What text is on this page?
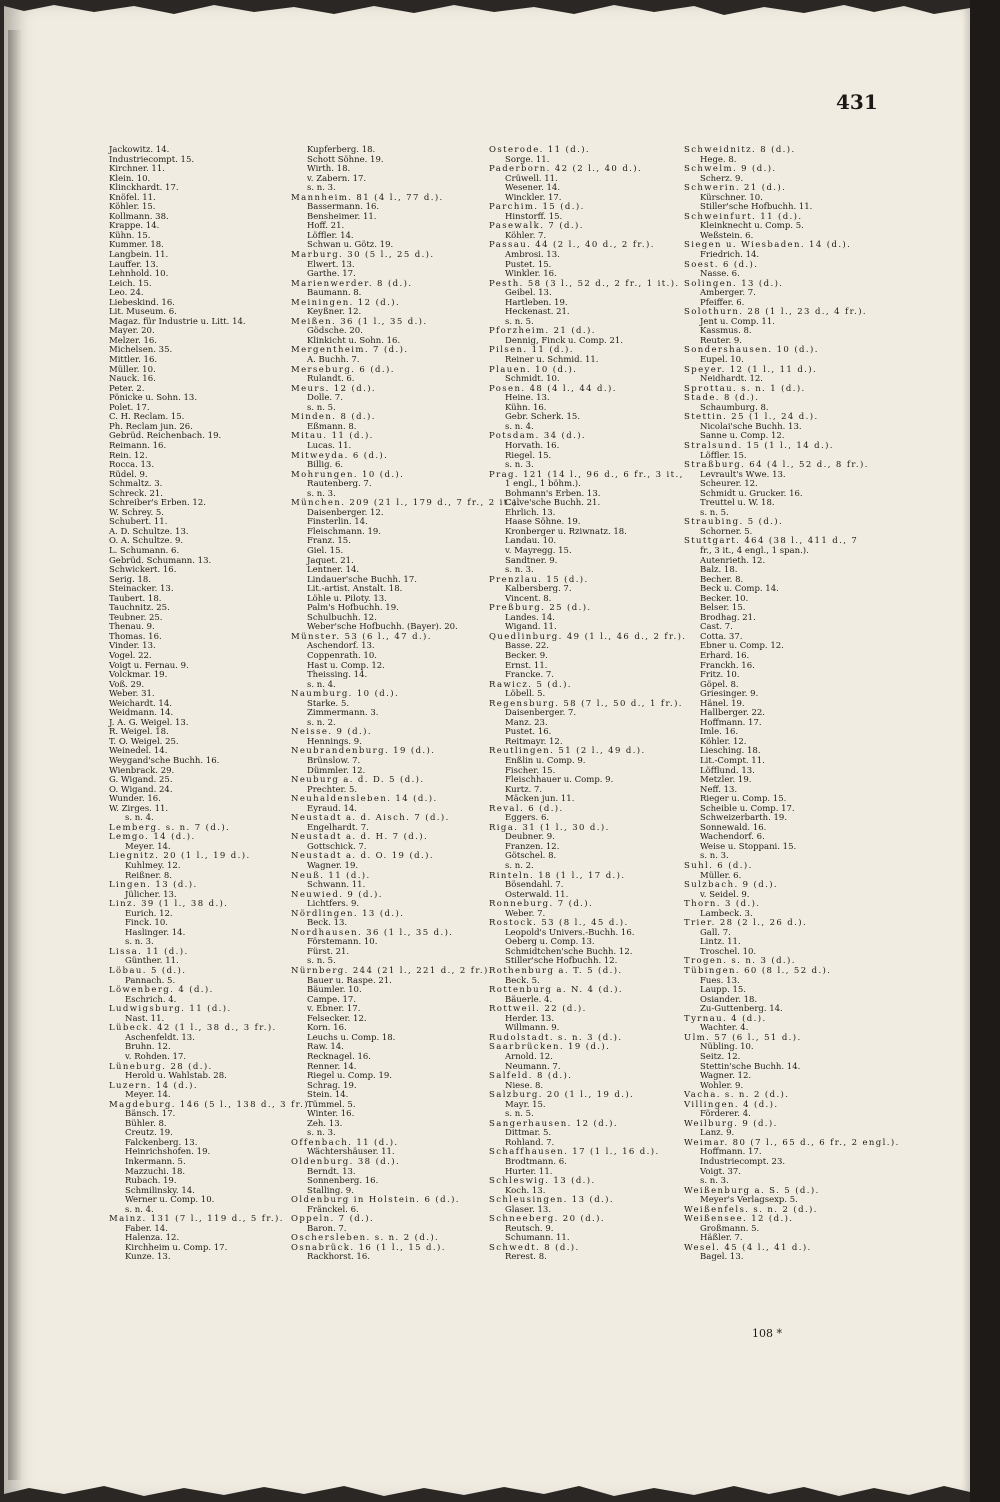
431
Jackowitz. 14.
Industriecompt. 15.
Kirchner. 11.
Klein. 10.
Klinckhardt. 17.
Knöfel. 11.
Köhler. 15.
Kollmann. 38.
Krappe. 14.
Kühn. 15.
Kummer. 18.
Langbein. 11.
Lauffer. 13.
Lehnhold. 10.
Leich. 15.
Leo. 24.
Liebeskind. 16.
Lit. Museum. 6.
Magaz. für Industrie u. Litt. 14.
Mayer. 20.
Melzer. 16.
Michelsen. 35.
Mittler. 16.
Müller. 10.
Nauck. 16.
Peter. 2.
Pönicke u. Sohn. 13.
Polet. 17.
C. H. Reclam. 15.
Ph. Reclam jun. 26.
Gebrüd. Reichenbach. 19.
Reimann. 16.
Rein. 12.
Rocca. 13.
Rüdel. 9.
Schmaltz. 3.
Schreck. 21.
Schreiber's Erben. 12.
W. Schrey. 5.
Schubert. 11.
A. D. Schultze. 13.
O. A. Schultze. 9.
L. Schumann. 6.
Gebrüd. Schumann. 13.
Schwickert. 16.
Serig. 18.
Steinacker. 13.
Taubert. 18.
Tauchnitz. 25.
Teubner. 25.
Thenau. 9.
Thomas. 16.
Vinder. 13.
Vogel. 22.
Voigt u. Fernau. 9.
Volckmar. 19.
Voß. 29.
Weber. 31.
Weichardt. 14.
Weidmann. 14.
J. A. G. Weigel. 13.
R. Weigel. 18.
T. O. Weigel. 25.
Weinedel. 14.
Weygand'sche Buchh. 16.
Wienbrack. 29.
G. Wigand. 25.
O. Wigand. 24.
Wunder. 16.
W. Zirges. 11.
s. n. 4.
Lemberg. s. n. 7 (d.).
Lemgo. 14 (d.).
Meyer. 14.
Liegnitz. 20 (1 l., 19 d.).
Kuhlmey. 12.
Reißner. 8.
Lingen. 13 (d.).
Jülicher. 13.
Linz. 39 (1 l., 38 d.).
Eurich. 12.
Finck. 10.
Haslinger. 14.
s. n. 3.
Lissa. 11 (d.).
Günther. 11.
Löbau. 5 (d.).
Pannach. 5.
Löwenberg. 4 (d.).
Eschrich. 4.
Ludwigsburg. 11 (d.).
Nast. 11.
Lübeck. 42 (1 l., 38 d., 3 fr.).
Aschenfeldt. 13.
Bruhn. 12.
v. Rohden. 17.
Lüneburg. 28 (d.).
Herold u. Wahlstab. 28.
Luzern. 14 (d.).
Meyer. 14.
Magdeburg. 146 (5 l., 138 d., 3 fr.).
Bänsch. 17.
Bühler. 8.
Creutz. 19.
Falckenberg. 13.
Heinrichshofen. 19.
Inkermann. 5.
Mazzuchi. 18.
Rubach. 19.
Schmilinsky. 14.
Werner u. Comp. 10.
s. n. 4.
Mainz. 131 (7 l., 119 d., 5 fr.).
Faber. 14.
Halenza. 12.
Kirchheim u. Comp. 17.
Kunze. 13.
Kupferberg. 18.
Schott Söhne. 19.
Wirth. 18.
v. Zabern. 17.
s. n. 3.
Mannheim. 81 (4 l., 77 d.).
Bassermann. 16.
Bensheimer. 11.
Hoff. 21.
Löffler. 14.
Schwan u. Götz. 19.
Marburg. 30 (5 l., 25 d.).
Elwert. 13.
Garthe. 17.
Marienwerder. 8 (d.).
Baumann. 8.
Meiningen. 12 (d.).
Keyßner. 12.
Meißen. 36 (1 l., 35 d.).
Gödsche. 20.
Klinkicht u. Sohn. 16.
Mergentheim. 7 (d.).
A. Buchh. 7.
Merseburg. 6 (d.).
Rulandt. 6.
Meurs. 12 (d.).
Dolle. 7.
s. n. 5.
Minden. 8 (d.).
Eßmann. 8.
Mitau. 11 (d.).
Lucas. 11.
Mitweyda. 6 (d.).
Billig. 6.
Mohrungen. 10 (d.).
Rautenberg. 7.
s. n. 3.
München. 209 (21 l., 179 d., 7 fr., 2 it.).
Daisenberger. 12.
Finsterlin. 14.
Fleischmann. 19.
Franz. 15.
Giel. 15.
Jaquet. 21.
Lentner. 14.
Lindauer'sche Buchh. 17.
Lit.-artist. Anstalt. 18.
Löhle u. Piloty. 13.
Palm's Hofbuchh. 19.
Schulbuchh. 12.
Weber'sche Hofbuchh. (Bayer). 20.
Münster. 53 (6 l., 47 d.).
Aschendorf. 13.
Coppenrath. 10.
Hast u. Comp. 12.
Theissing. 14.
s. n. 4.
Naumburg. 10 (d.).
Starke. 5.
Zimmermann. 3.
s. n. 2.
Neisse. 9 (d.).
Hennings. 9.
Neubrandenburg. 19 (d.).
Brünslow. 7.
Dümmler. 12.
Neuburg a. d. D. 5 (d.).
Prechter. 5.
Neuhaldensleben. 14 (d.).
Eyraud. 14.
Neustadt a. d. Aisch. 7 (d.).
Engelhardt. 7.
Neustadt a. d. H. 7 (d.).
Gottschick. 7.
Neustadt a. d. O. 19 (d.).
Wagner. 19.
Neuß. 11 (d.).
Schwann. 11.
Neuwied. 9 (d.).
Lichtfers. 9.
Nördlingen. 13 (d.).
Beck. 13.
Nordhausen. 36 (1 l., 35 d.).
Förstemann. 10.
Fürst. 21.
s. n. 5.
Nürnberg. 244 (21 l., 221 d., 2 fr.).
Bauer u. Raspe. 21.
Bäumler. 10.
Campe. 17.
v. Ebner. 17.
Felsecker. 12.
Korn. 16.
Leuchs u. Comp. 18.
Raw. 14.
Recknagel. 16.
Renner. 14.
Riegel u. Comp. 19.
Schrag. 19.
Stein. 14.
Tümmel. 5.
Winter. 16.
Zeh. 13.
s. n. 3.
Offenbach. 11 (d.).
Wächtershäuser. 11.
Oldenburg. 38 (d.).
Berndt. 13.
Sonnenberg. 16.
Stalling. 9.
Oldenburg in Holstein. 6 (d.).
Fränckel. 6.
Oppeln. 7 (d.).
Baron. 7.
Oschersleben. s. n. 2 (d.).
Osnabrück. 16 (1 l., 15 d.).
Rackhorst. 16.
Osterode. 11 (d.).
Sorge. 11.
Paderborn. 42 (2 l., 40 d.).
Crüwell. 11.
Wesener. 14.
Winckler. 17.
Parchim. 15 (d.).
Hinstorff. 15.
Pasewalk. 7 (d.).
Köhler. 7.
Passau. 44 (2 l., 40 d., 2 fr.).
Ambrosi. 13.
Pustet. 15.
Winkler. 16.
Pesth. 58 (3 l., 52 d., 2 fr., 1 it.).
Geibel. 13.
Hartleben. 19.
Heckenast. 21.
s. n. 5.
Pforzheim. 21 (d.).
Dennig, Finck u. Comp. 21.
Pilsen. 11 (d.).
Reiner u. Schmid. 11.
Plauen. 10 (d.).
Schmidt. 10.
Posen. 48 (4 l., 44 d.).
Heine. 13.
Kühn. 16.
Gebr. Scherk. 15.
s. n. 4.
Potsdam. 34 (d.).
Horvath. 16.
Riegel. 15.
s. n. 3.
Prag. 121 (14 l., 96 d., 6 fr., 3 it.,
1 engl., 1 böhm.).
Bohmann's Erben. 13.
Calve'sche Buchh. 21.
Ehrlich. 13.
Haase Söhne. 19.
Kronberger u. Rziwnatz. 18.
Landau. 10.
v. Mayregg. 15.
Sandtner. 9.
s. n. 3.
Prenzlau. 15 (d.).
Kalbersberg. 7.
Vincent. 8.
Preßburg. 25 (d.).
Landes. 14.
Wigand. 11.
Quedlinburg. 49 (1 l., 46 d., 2 fr.).
Basse. 22.
Becker. 9.
Ernst. 11.
Francke. 7.
Rawicz. 5 (d.).
Löbell. 5.
Regensburg. 58 (7 l., 50 d., 1 fr.).
Daisenberger. 7.
Manz. 23.
Pustet. 16.
Reitmayr. 12.
Reutlingen. 51 (2 l., 49 d.).
Enßlin u. Comp. 9.
Fischer. 15.
Fleischhauer u. Comp. 9.
Kurtz. 7.
Mäcken jun. 11.
Reval. 6 (d.).
Eggers. 6.
Riga. 31 (1 l., 30 d.).
Deubner. 9.
Franzen. 12.
Götschel. 8.
s. n. 2.
Rinteln. 18 (1 l., 17 d.).
Bösendahl. 7.
Osterwald. 11.
Ronneburg. 7 (d.).
Weber. 7.
Rostock. 53 (8 l., 45 d.).
Leopold's Univers.-Buchh. 16.
Oeberg u. Comp. 13.
Schmidtchen'sche Buchh. 12.
Stiller'sche Hofbuchh. 12.
Rothenburg a. T. 5 (d.).
Beck. 5.
Rottenburg a. N. 4 (d.).
Bäuerle. 4.
Rottweil. 22 (d.).
Herder. 13.
Willmann. 9.
Rudolstadt. s. n. 3 (d.).
Saarbrücken. 19 (d.).
Arnold. 12.
Neumann. 7.
Salfeld. 8 (d.).
Niese. 8.
Salzburg. 20 (1 l., 19 d.).
Mayr. 15.
s. n. 5.
Sangerhausen. 12 (d.).
Dittmar. 5.
Rohland. 7.
Schaffhausen. 17 (1 l., 16 d.).
Brodtmann. 6.
Hurter. 11.
Schleswig. 13 (d.).
Koch. 13.
Schleusingen. 13 (d.).
Glaser. 13.
Schneeberg. 20 (d.).
Reutsch. 9.
Schumann. 11.
Schwedt. 8 (d.).
Rerest. 8.
Schweidnitz. 8 (d.).
Hege. 8.
Schwelm. 9 (d.).
Scherz. 9.
Schwerin. 21 (d.).
Kürschner. 10.
Stiller'sche Hofbuchh. 11.
Schweinfurt. 11 (d.).
Kleinknecht u. Comp. 5.
Weßstein. 6.
Siegen u. Wiesbaden. 14 (d.).
Friedrich. 14.
Soest. 6 (d.).
Nasse. 6.
Solingen. 13 (d.).
Amberger. 7.
Pfeiffer. 6.
Solothurn. 28 (1 l., 23 d., 4 fr.).
Jent u. Comp. 11.
Kassmus. 8.
Reuter. 9.
Sondershausen. 10 (d.).
Eupel. 10.
Speyer. 12 (1 l., 11 d.).
Neidhardt. 12.
Sprottau. s. n. 1 (d.).
Stade. 8 (d.).
Schaumburg. 8.
Stettin. 25 (1 l., 24 d.).
Nicolai'sche Buchh. 13.
Sanne u. Comp. 12.
Stralsund. 15 (1 l., 14 d.).
Löffler. 15.
Straßburg. 64 (4 l., 52 d., 8 fr.).
Levrault's Wwe. 13.
Scheurer. 12.
Schmidt u. Grucker. 16.
Treuttel u. W. 18.
s. n. 5.
Straubing. 5 (d.).
Schorner. 5.
Stuttgart. 464 (38 l., 411 d., 7
fr., 3 it., 4 engl., 1 span.).
Autenrieth. 12.
Balz. 18.
Becher. 8.
Beck u. Comp. 14.
Becker. 10.
Belser. 15.
Brodhag. 21.
Cast. 7.
Cotta. 37.
Ebner u. Comp. 12.
Erhard. 16.
Franckh. 16.
Fritz. 10.
Göpel. 8.
Griesinger. 9.
Hänel. 19.
Hallberger. 22.
Hoffmann. 17.
Imle. 16.
Köhler. 12.
Liesching. 18.
Lit.-Compt. 11.
Löfflund. 13.
Metzler. 19.
Neff. 13.
Rieger u. Comp. 15.
Scheible u. Comp. 17.
Schweizerbarth. 19.
Sonnewald. 16.
Wachendorf. 6.
Weise u. Stoppani. 15.
s. n. 3.
Suhl. 6 (d.).
Müller. 6.
Sulzbach. 9 (d.).
v. Seidel. 9.
Thorn. 3 (d.).
Lambeck. 3.
Trier. 28 (2 l., 26 d.).
Gall. 7.
Lintz. 11.
Troschel. 10.
Trogen. s. n. 3 (d.).
Tübingen. 60 (8 l., 52 d.).
Fues. 13.
Laupp. 15.
Osiander. 18.
Zu-Guttenberg. 14.
Tyrnau. 4 (d.).
Wachter. 4.
Ulm. 57 (6 l., 51 d.).
Nübling. 10.
Seitz. 12.
Stettin'sche Buchh. 14.
Wagner. 12.
Wohler. 9.
Vacha. s. n. 2 (d.).
Villingen. 4 (d.).
Förderer. 4.
Weilburg. 9 (d.).
Lanz. 9.
Weimar. 80 (7 l., 65 d., 6 fr., 2 engl.).
Hoffmann. 17.
Industriecompt. 23.
Voigt. 37.
s. n. 3.
Weißenburg a. S. 5 (d.).
Meyer's Verlagsexp. 5.
Weißenfels. s. n. 2 (d.).
Weißensee. 12 (d.).
Großmann. 5.
Häßler. 7.
Wesel. 45 (4 l., 41 d.).
Bagel. 13.
108 *
